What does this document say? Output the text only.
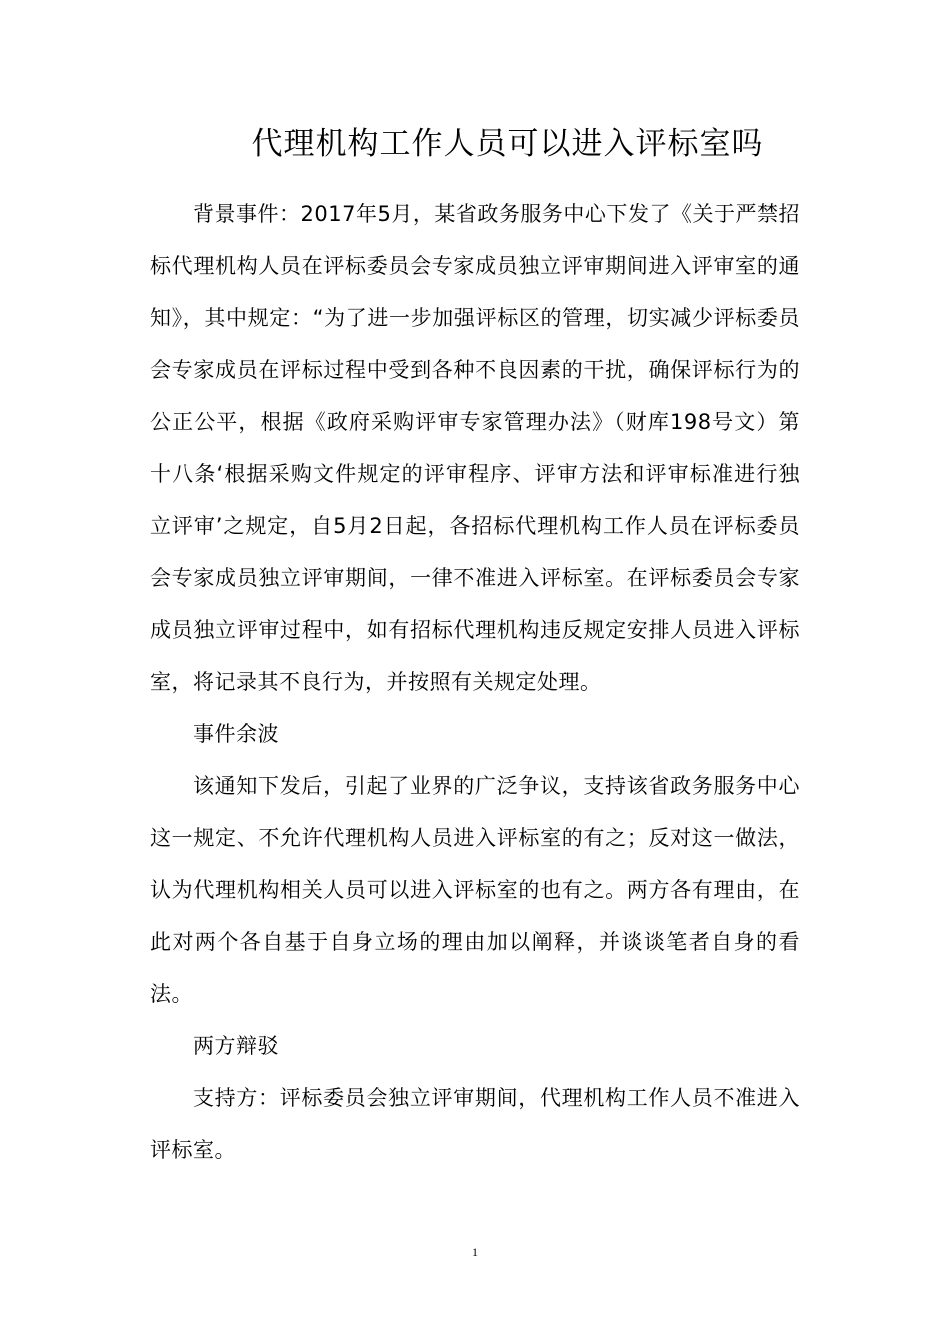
代理机构工作人员可以进入评标室吗

背景事件：2017年5月，某省政务服务中心下发了《关于严禁招标代理机构人员在评标委员会专家成员独立评审期间进入评审室的通知》，其中规定：“为了进一步加强评标区的管理，切实减少评标委员会专家成员在评标过程中受到各种不良因素的干扰，确保评标行为的公正公平，根据《政府采购评审专家管理办法》（财库198号文）第十八条‘根据采购文件规定的评审程序、评审方法和评审标准进行独立评审’之规定，自5月2日起，各招标代理机构工作人员在评标委员会专家成员独立评审期间，一律不准进入评标室。在评标委员会专家成员独立评审过程中，如有招标代理机构违反规定安排人员进入评标室，将记录其不良行为，并按照有关规定处理。

事件余波

该通知下发后，引起了业界的广泛争议，支持该省政务服务中心这一规定、不允许代理机构人员进入评标室的有之；反对这一做法，认为代理机构相关人员可以进入评标室的也有之。两方各有理由，在此对两个各自基于自身立场的理由加以阐释，并谈谈笔者自身的看法。

两方辩驳

支持方：评标委员会独立评审期间，代理机构工作人员不准进入评标室。

1
